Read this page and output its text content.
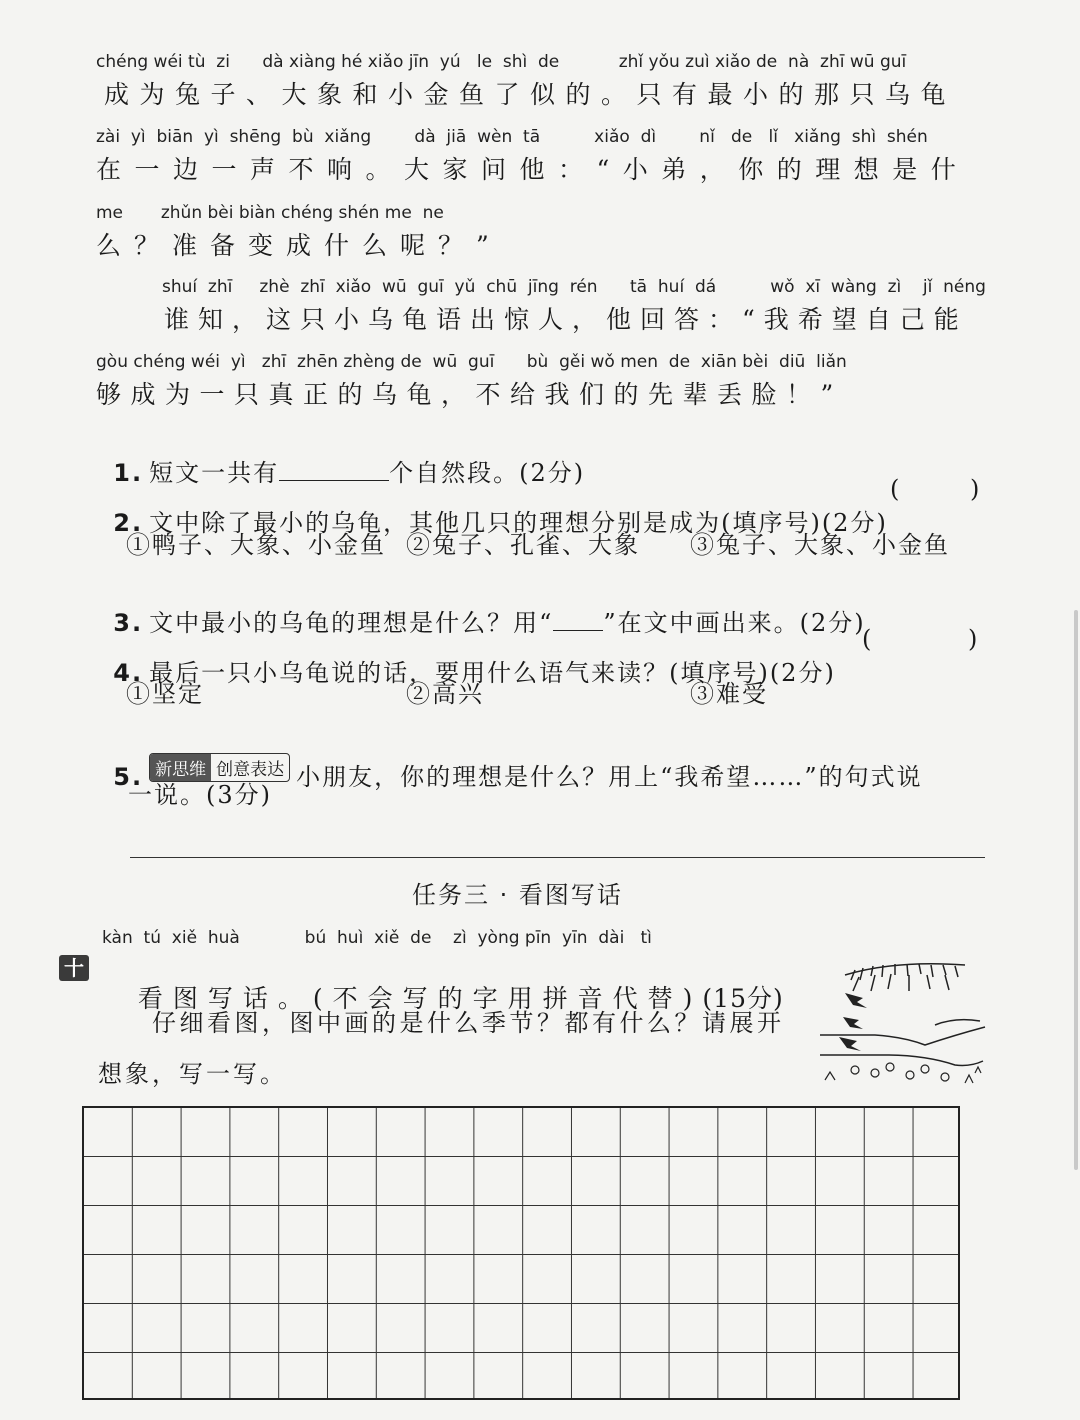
chéng wéi tù  zi      dà xiàng hé xiǎo jīn  yú   le  shì  de           zhǐ yǒu zuì xiǎo de  nà  zhī wū guī
成为兔子、大象和小金鱼了似的。只有最小的那只乌龟
zài  yì  biān  yì  shēng  bù  xiǎng        dà  jiā  wèn  tā          xiǎo  dì        nǐ   de   lǐ   xiǎng  shì  shén
在一边一声不响。大家问他：“小弟，你的理想是什
me       zhǔn bèi biàn chéng shén me  ne
么？准备变成什么呢？”
shuí  zhī     zhè  zhī  xiǎo  wū  guī  yǔ  chū  jīng  rén      tā  huí  dá          wǒ  xī  wàng  zì    jǐ  néng
谁知，这只小乌龟语出惊人，他回答：“我希望自己能
gòu chéng wéi  yì   zhī  zhēn zhèng de  wū  guī      bù  gěi wǒ men  de  xiān bèi  diū  liǎn
够成为一只真正的乌龟，不给我们的先辈丢脸！”

1. 短文一共有	个自然段。(2分)

2. 文中除了最小的乌龟，其他几只的理想分别是成为(填序号)(2分)

(	)
①鸭子、大象、小金鱼 ②兔子、孔雀、大象 ③兔子、大象、小金鱼

3. 文中最小的乌龟的理想是什么？用“ ”在文中画出来。(2分)

4. 最后一只小乌龟说的话，要用什么语气来读？(填序号)(2分)

(	)
①坚定	②高兴	③难受

5. 新思维 创意表达 小朋友，你的理想是什么？用上“我希望……”的句式说

一说。(3分)
任务三 · 看图写话
kàn  tú  xiě  huà            bú  huì  xiě  de    zì  yòng pīn  yīn  dài   tì
十

看图写话。(不会写的字用拼音代替)(15分)

仔细看图，图中画的是什么季节？都有什么？请展开
想象，写一写。
